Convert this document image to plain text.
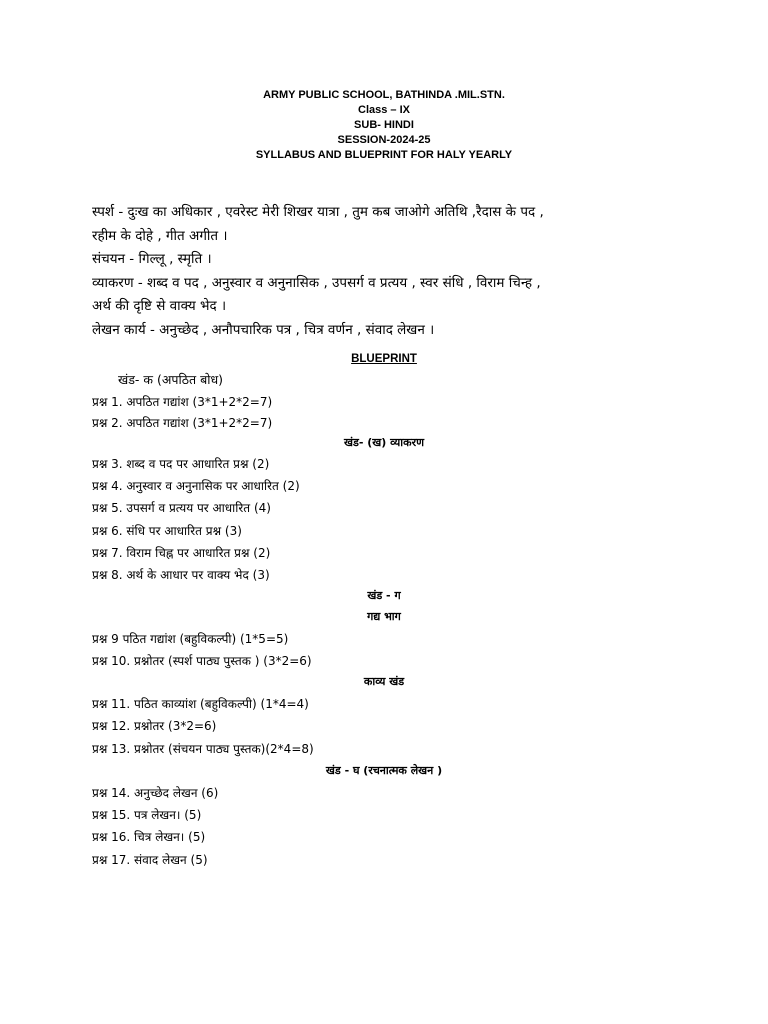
ARMY PUBLIC SCHOOL, BATHINDA .MIL.STN.
Class – IX
SUB- HINDI
SESSION-2024-25
SYLLABUS AND BLUEPRINT FOR HALY YEARLY
स्पर्श - दुःख का अधिकार , एवरेस्ट मेरी शिखर यात्रा , तुम कब जाओगे अतिथि ,रैदास के पद ,
रहीम के दोहे , गीत अगीत ।
संचयन - गिल्लू , स्मृति ।
व्याकरण - शब्द व पद , अनुस्वार व अनुनासिक , उपसर्ग व प्रत्यय , स्वर संधि , विराम चिन्ह ,
अर्थ की दृष्टि से वाक्य भेद ।
लेखन कार्य - अनुच्छेद , अनौपचारिक पत्र , चित्र वर्णन , संवाद लेखन ।
BLUEPRINT
खंड- क (अपठित बोध)
प्रश्न 1. अपठित गद्यांश (3*1+2*2=7)
प्रश्न 2. अपठित गद्यांश (3*1+2*2=7)
खंड- (ख) व्याकरण
प्रश्न 3. शब्द व पद पर आधारित प्रश्न (2)
प्रश्न 4. अनुस्वार व अनुनासिक पर आधारित (2)
प्रश्न 5. उपसर्ग व प्रत्यय पर आधारित (4)
प्रश्न 6. संधि पर आधारित प्रश्न (3)
प्रश्न 7. विराम चिह्न पर आधारित प्रश्न (2)
प्रश्न 8. अर्थ के आधार पर वाक्य भेद (3)
खंड - ग
गद्य भाग
प्रश्न 9 पठित गद्यांश (बहुविकल्पी) (1*5=5)
प्रश्न 10. प्रश्नोतर (स्पर्श पाठ्य पुस्तक ) (3*2=6)
काव्य खंड
प्रश्न 11. पठित काव्यांश (बहुविकल्पी) (1*4=4)
प्रश्न 12. प्रश्नोतर (3*2=6)
प्रश्न 13. प्रश्नोतर (संचयन पाठ्य पुस्तक)(2*4=8)
खंड - घ (रचनात्मक लेखन )
प्रश्न 14. अनुच्छेद लेखन (6)
प्रश्न 15. पत्र लेखन। (5)
प्रश्न 16. चित्र लेखन। (5)
प्रश्न 17. संवाद लेखन (5)
